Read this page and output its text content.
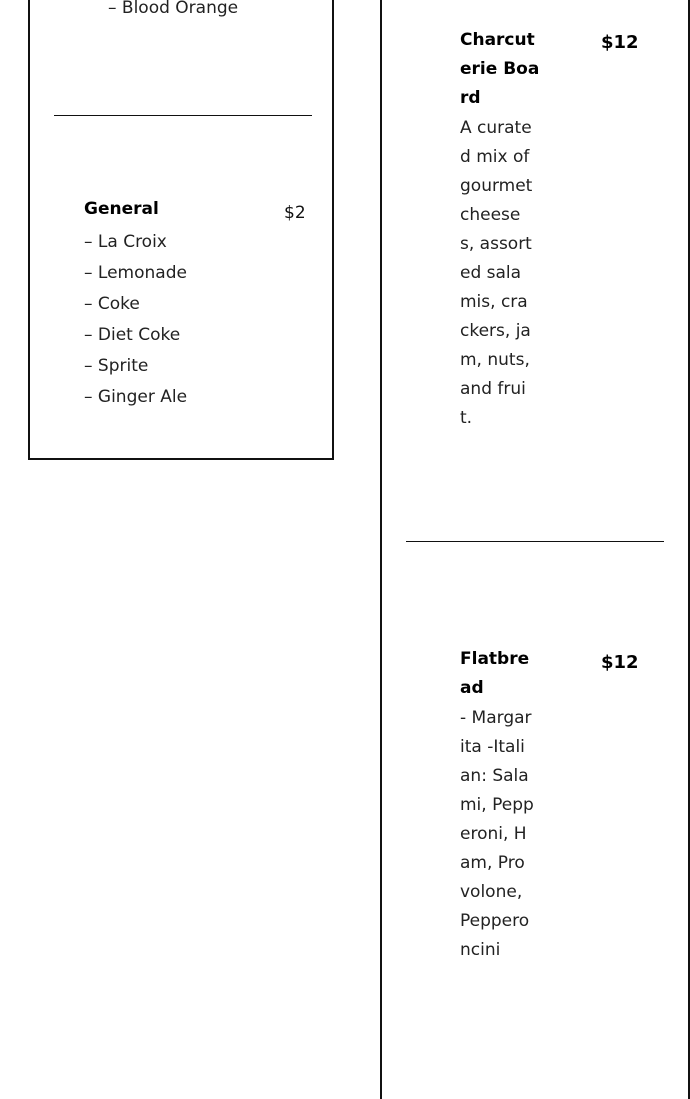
– Blood Orange
General	$2
– La Croix
– Lemonade
– Coke
– Diet Coke
– Sprite
– Ginger Ale
Charcuterie Board
$12
A curated mix of gourmet cheeses, assorted salamis, crackers, jam, nuts, and fruit.
Flatbread
$12
- Margarita -Italian: Salami, Pepperoni, Ham, Provolone, Pepperoncini
